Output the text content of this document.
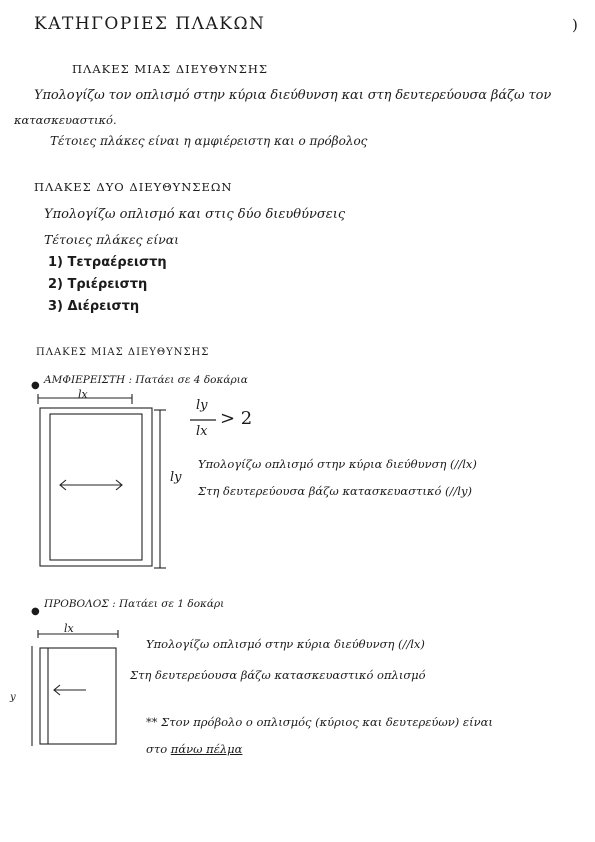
ΚΑΤΗΓΟΡΙΕΣ ΠΛΑΚΩΝ	)
ΠΛΑΚΕΣ ΜΙΑΣ ΔΙΕΥΘΥΝΣΗΣ
Υπολογίζω τον οπλισμό στην κύρια διεύθυνση και στη δευτερεύουσα βάζω τον
κατασκευαστικό.
Τέτοιες πλάκες είναι η αμφιέρειστη και ο πρόβολος
ΠΛΑΚΕΣ ΔΥΟ ΔΙΕΥΘΥΝΣΕΩΝ
Υπολογίζω οπλισμό και στις δύο διευθύνσεις
Τέτοιες πλάκες είναι
1) Τετραέρειστη
2) Τριέρειστη
3) Διέρειστη
ΠΛΑΚΕΣ ΜΙΑΣ ΔΙΕΥΘΥΝΣΗΣ
● ΑΜΦΙΕΡΕΙΣΤΗ : Πατάει σε 4 δοκάρια
lx
ly
ly
lx
> 2
Υπολογίζω οπλισμό στην κύρια διεύθυνση (//lx)
Στη δευτερεύουσα βάζω κατασκευαστικό (//ly)
●
ΠΡΟΒΟΛΟΣ : Πατάει σε 1 δοκάρι
lx
y
Υπολογίζω οπλισμό στην κύρια διεύθυνση (//lx)
Στη δευτερεύουσα βάζω κατασκευαστικό οπλισμό
** Στον πρόβολο ο οπλισμός (κύριος και δευτερεύων) είναι
στο πάνω πέλμα
